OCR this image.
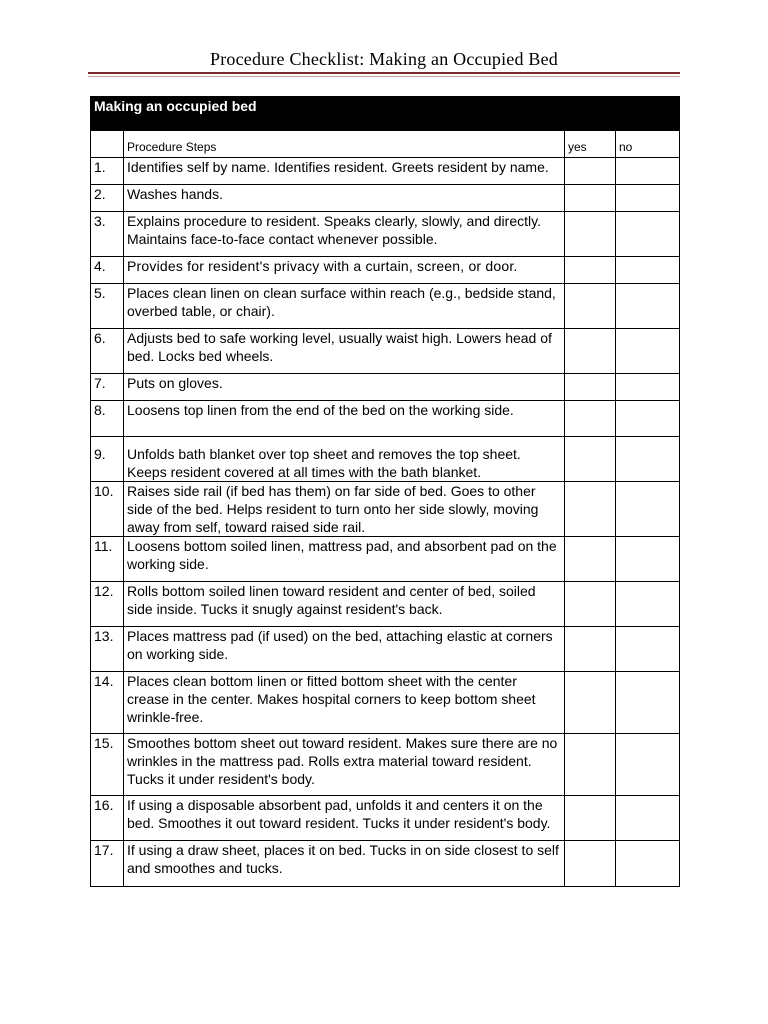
Procedure Checklist: Making an Occupied Bed
Making an occupied bed			
	Procedure Steps	yes	no
1.	Identifies self by name. Identifies resident. Greets resident by name.		
2.	Washes hands.		
3.	Explains procedure to resident. Speaks clearly, slowly, and directly. Maintains face-to-face contact whenever possible.		
4.	Provides for resident's privacy with a curtain, screen, or door.		
5.	Places clean linen on clean surface within reach (e.g., bedside stand, overbed table, or chair).		
6.	Adjusts bed to safe working level, usually waist high. Lowers head of bed. Locks bed wheels.		
7.	Puts on gloves.		
8.	Loosens top linen from the end of the bed on the working side.		
9.	Unfolds bath blanket over top sheet and removes the top sheet. Keeps resident covered at all times with the bath blanket.		
10.	Raises side rail (if bed has them) on far side of bed. Goes to other side of the bed. Helps resident to turn onto her side slowly, moving away from self, toward raised side rail.		
11.	Loosens bottom soiled linen, mattress pad, and absorbent pad on the working side.		
12.	Rolls bottom soiled linen toward resident and center of bed, soiled side inside. Tucks it snugly against resident's back.		
13.	Places mattress pad (if used) on the bed, attaching elastic at corners on working side.		
14.	Places clean bottom linen or fitted bottom sheet with the center crease in the center. Makes hospital corners to keep bottom sheet wrinkle-free.		
15.	Smoothes bottom sheet out toward resident. Makes sure there are no wrinkles in the mattress pad. Rolls extra material toward resident. Tucks it under resident's body.		
16.	If using a disposable absorbent pad, unfolds it and centers it on the bed. Smoothes it out toward resident. Tucks it under resident's body.		
17.	If using a draw sheet, places it on bed. Tucks in on side closest to self and smoothes and tucks.		
